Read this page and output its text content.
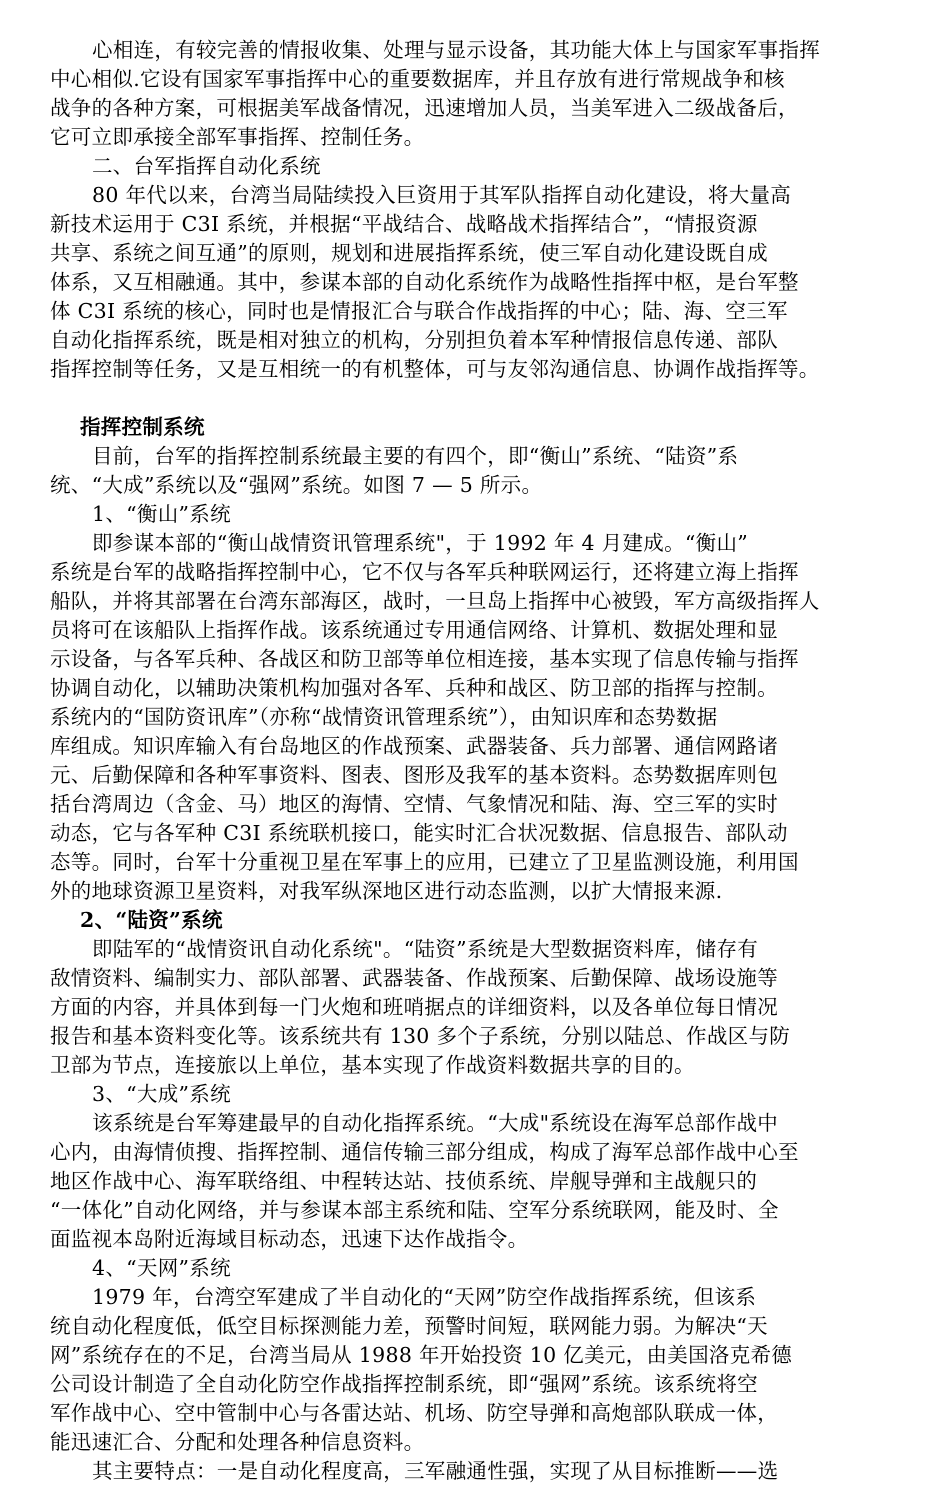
心相连，有较完善的情报收集、处理与显示设备，其功能大体上与国家军事指挥
中心相似.它设有国家军事指挥中心的重要数据库，并且存放有进行常规战争和核
战争的各种方案，可根据美军战备情况，迅速增加人员，当美军进入二级战备后，
它可立即承接全部军事指挥、控制任务。
二、台军指挥自动化系统
80 年代以来，台湾当局陆续投入巨资用于其军队指挥自动化建设，将大量高
新技术运用于 C3I 系统，并根据“平战结合、战略战术指挥结合”，“情报资源
共享、系统之间互通”的原则，规划和进展指挥系统，使三军自动化建设既自成
体系，又互相融通。其中，参谋本部的自动化系统作为战略性指挥中枢，是台军整
体 C3I 系统的核心，同时也是情报汇合与联合作战指挥的中心；陆、海、空三军
自动化指挥系统，既是相对独立的机构，分别担负着本军种情报信息传递、部队
指挥控制等任务，又是互相统一的有机整体，可与友邻沟通信息、协调作战指挥等。
指挥控制系统
目前，台军的指挥控制系统最主要的有四个，即“衡山”系统、“陆资”系
统、“大成”系统以及“强网”系统。如图 7 — 5 所示。
1、“衡山”系统
即参谋本部的“衡山战情资讯管理系统"，于 1992 年 4 月建成。“衡山”
系统是台军的战略指挥控制中心，它不仅与各军兵种联网运行，还将建立海上指挥
船队，并将其部署在台湾东部海区，战时，一旦岛上指挥中心被毁，军方高级指挥人
员将可在该船队上指挥作战。该系统通过专用通信网络、计算机、数据处理和显
示设备，与各军兵种、各战区和防卫部等单位相连接，基本实现了信息传输与指挥
协调自动化，以辅助决策机构加强对各军、兵种和战区、防卫部的指挥与控制。
系统内的“国防资讯库”（亦称“战情资讯管理系统”），由知识库和态势数据
库组成。知识库输入有台岛地区的作战预案、武器装备、兵力部署、通信网路诸
元、后勤保障和各种军事资料、图表、图形及我军的基本资料。态势数据库则包
括台湾周边（含金、马）地区的海情、空情、气象情况和陆、海、空三军的实时
动态，它与各军种 C3I 系统联机接口，能实时汇合状况数据、信息报告、部队动
态等。同时，台军十分重视卫星在军事上的应用，已建立了卫星监测设施，利用国
外的地球资源卫星资料，对我军纵深地区进行动态监测，以扩大情报来源.
2、“陆资”系统
即陆军的“战情资讯自动化系统"。“陆资”系统是大型数据资料库，储存有
敌情资料、编制实力、部队部署、武器装备、作战预案、后勤保障、战场设施等
方面的内容，并具体到每一门火炮和班哨据点的详细资料，以及各单位每日情况
报告和基本资料变化等。该系统共有 130 多个子系统，分别以陆总、作战区与防
卫部为节点，连接旅以上单位，基本实现了作战资料数据共享的目的。
3、“大成”系统
该系统是台军筹建最早的自动化指挥系统。“大成"系统设在海军总部作战中
心内，由海情侦搜、指挥控制、通信传输三部分组成，构成了海军总部作战中心至
地区作战中心、海军联络组、中程转达站、技侦系统、岸舰导弹和主战舰只的
“一体化”自动化网络，并与参谋本部主系统和陆、空军分系统联网，能及时、全
面监视本岛附近海域目标动态，迅速下达作战指令。
4、“天网”系统
1979 年，台湾空军建成了半自动化的“天网”防空作战指挥系统，但该系
统自动化程度低，低空目标探测能力差，预警时间短，联网能力弱。为解决“天
网”系统存在的不足，台湾当局从 1988 年开始投资 10 亿美元，由美国洛克希德
公司设计制造了全自动化防空作战指挥控制系统，即“强网”系统。该系统将空
军作战中心、空中管制中心与各雷达站、机场、防空导弹和高炮部队联成一体，
能迅速汇合、分配和处理各种信息资料。
其主要特点：一是自动化程度高，三军融通性强，实现了从目标推断——选
